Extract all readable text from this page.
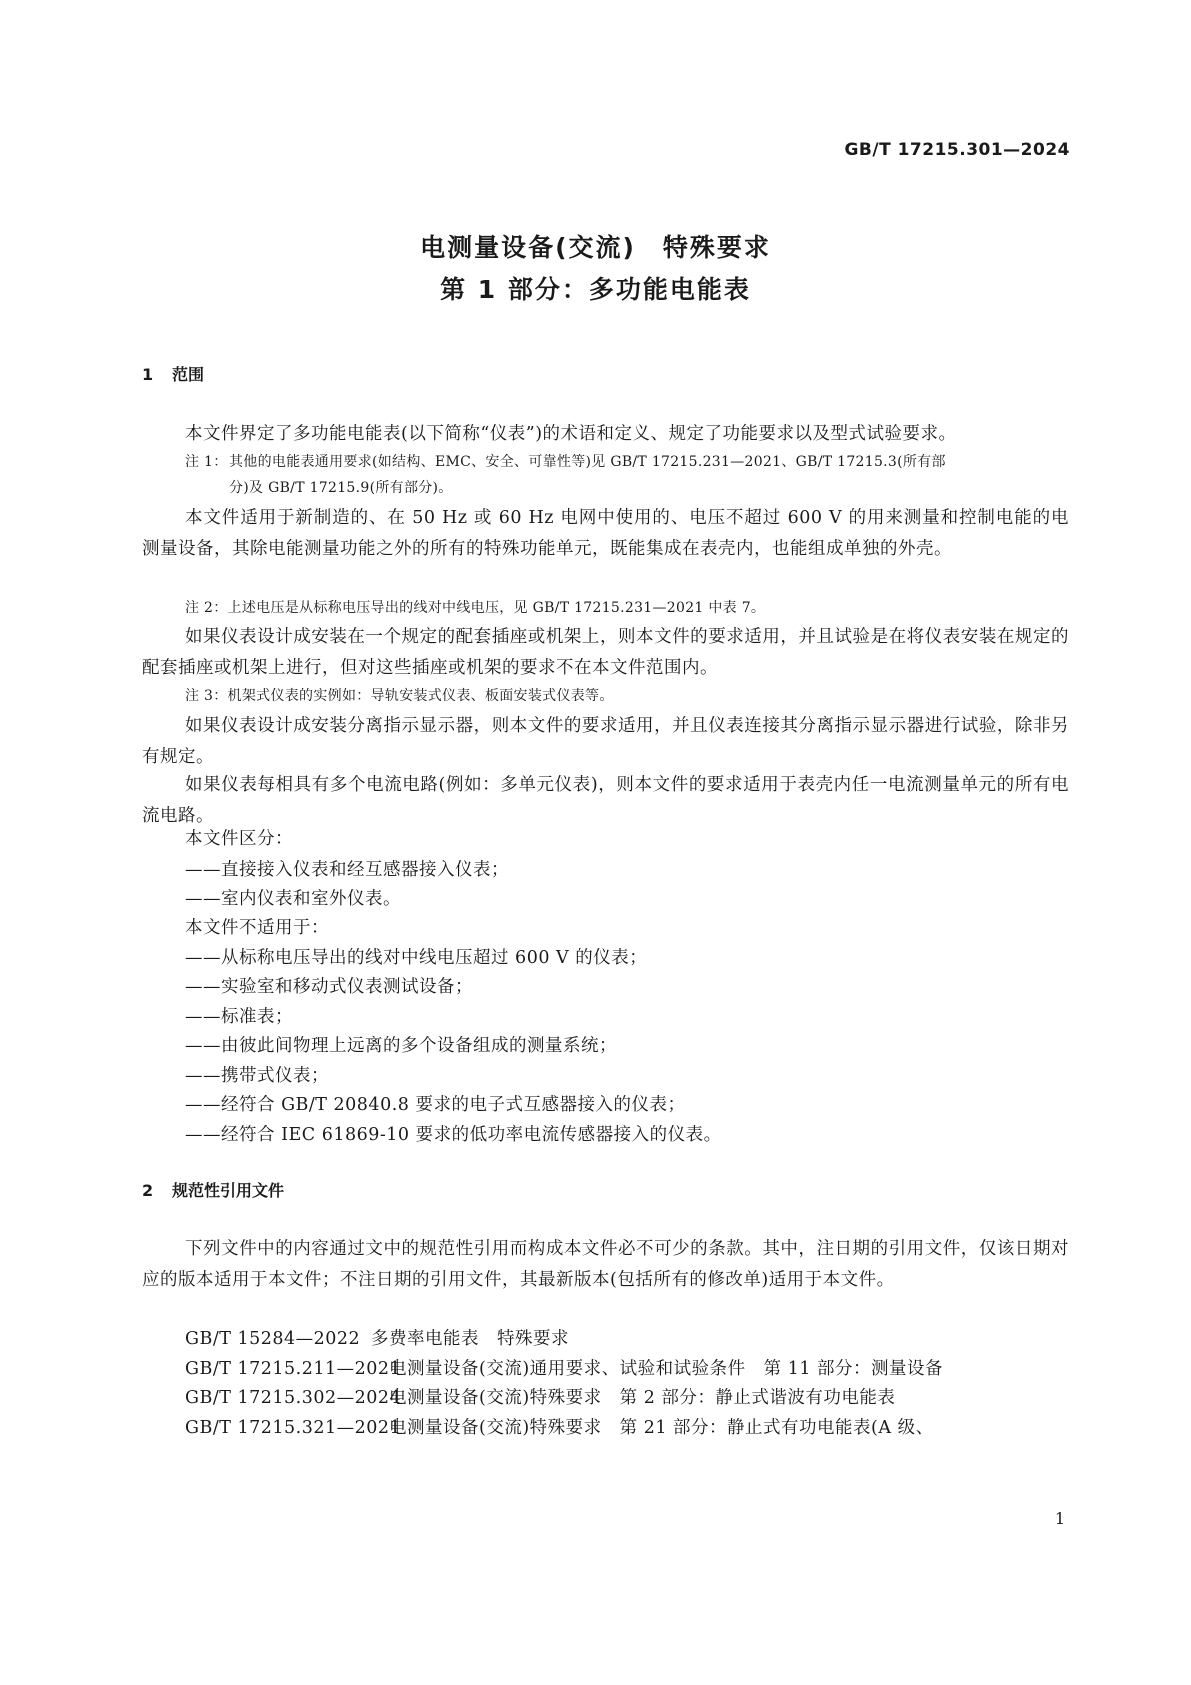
GB/T 17215.301—2024
电测量设备(交流)　特殊要求
第 1 部分：多功能电能表
1 范围
本文件界定了多功能电能表(以下简称“仪表”)的术语和定义、规定了功能要求以及型式试验要求。
注 1：其他的电能表通用要求(如结构、EMC、安全、可靠性等)见 GB/T 17215.231—2021、GB/T 17215.3(所有部
分)及 GB/T 17215.9(所有部分)。
本文件适用于新制造的、在 50 Hz 或 60 Hz 电网中使用的、电压不超过 600 V 的用来测量和控制电能的电测量设备，其除电能测量功能之外的所有的特殊功能单元，既能集成在表壳内，也能组成单独的外壳。
注 2：上述电压是从标称电压导出的线对中线电压，见 GB/T 17215.231—2021 中表 7。
如果仪表设计成安装在一个规定的配套插座或机架上，则本文件的要求适用，并且试验是在将仪表安装在规定的配套插座或机架上进行，但对这些插座或机架的要求不在本文件范围内。
注 3：机架式仪表的实例如：导轨安装式仪表、板面安装式仪表等。
如果仪表设计成安装分离指示显示器，则本文件的要求适用，并且仪表连接其分离指示显示器进行试验，除非另有规定。
如果仪表每相具有多个电流电路(例如：多单元仪表)，则本文件的要求适用于表壳内任一电流测量单元的所有电流电路。
本文件区分：
——直接接入仪表和经互感器接入仪表；
——室内仪表和室外仪表。
本文件不适用于：
——从标称电压导出的线对中线电压超过 600 V 的仪表；
——实验室和移动式仪表测试设备；
——标准表；
——由彼此间物理上远离的多个设备组成的测量系统；
——携带式仪表；
——经符合 GB/T 20840.8 要求的电子式互感器接入的仪表；
——经符合 IEC 61869-10 要求的低功率电流传感器接入的仪表。
2 规范性引用文件
下列文件中的内容通过文中的规范性引用而构成本文件必不可少的条款。其中，注日期的引用文件，仅该日期对应的版本适用于本文件；不注日期的引用文件，其最新版本(包括所有的修改单)适用于本文件。
GB/T 15284—2022 多费率电能表　特殊要求
GB/T 17215.211—2021电测量设备(交流)通用要求、试验和试验条件　第 11 部分：测量设备
GB/T 17215.302—2024电测量设备(交流)特殊要求　第 2 部分：静止式谐波有功电能表
GB/T 17215.321—2021电测量设备(交流)特殊要求　第 21 部分：静止式有功电能表(A 级、
1
